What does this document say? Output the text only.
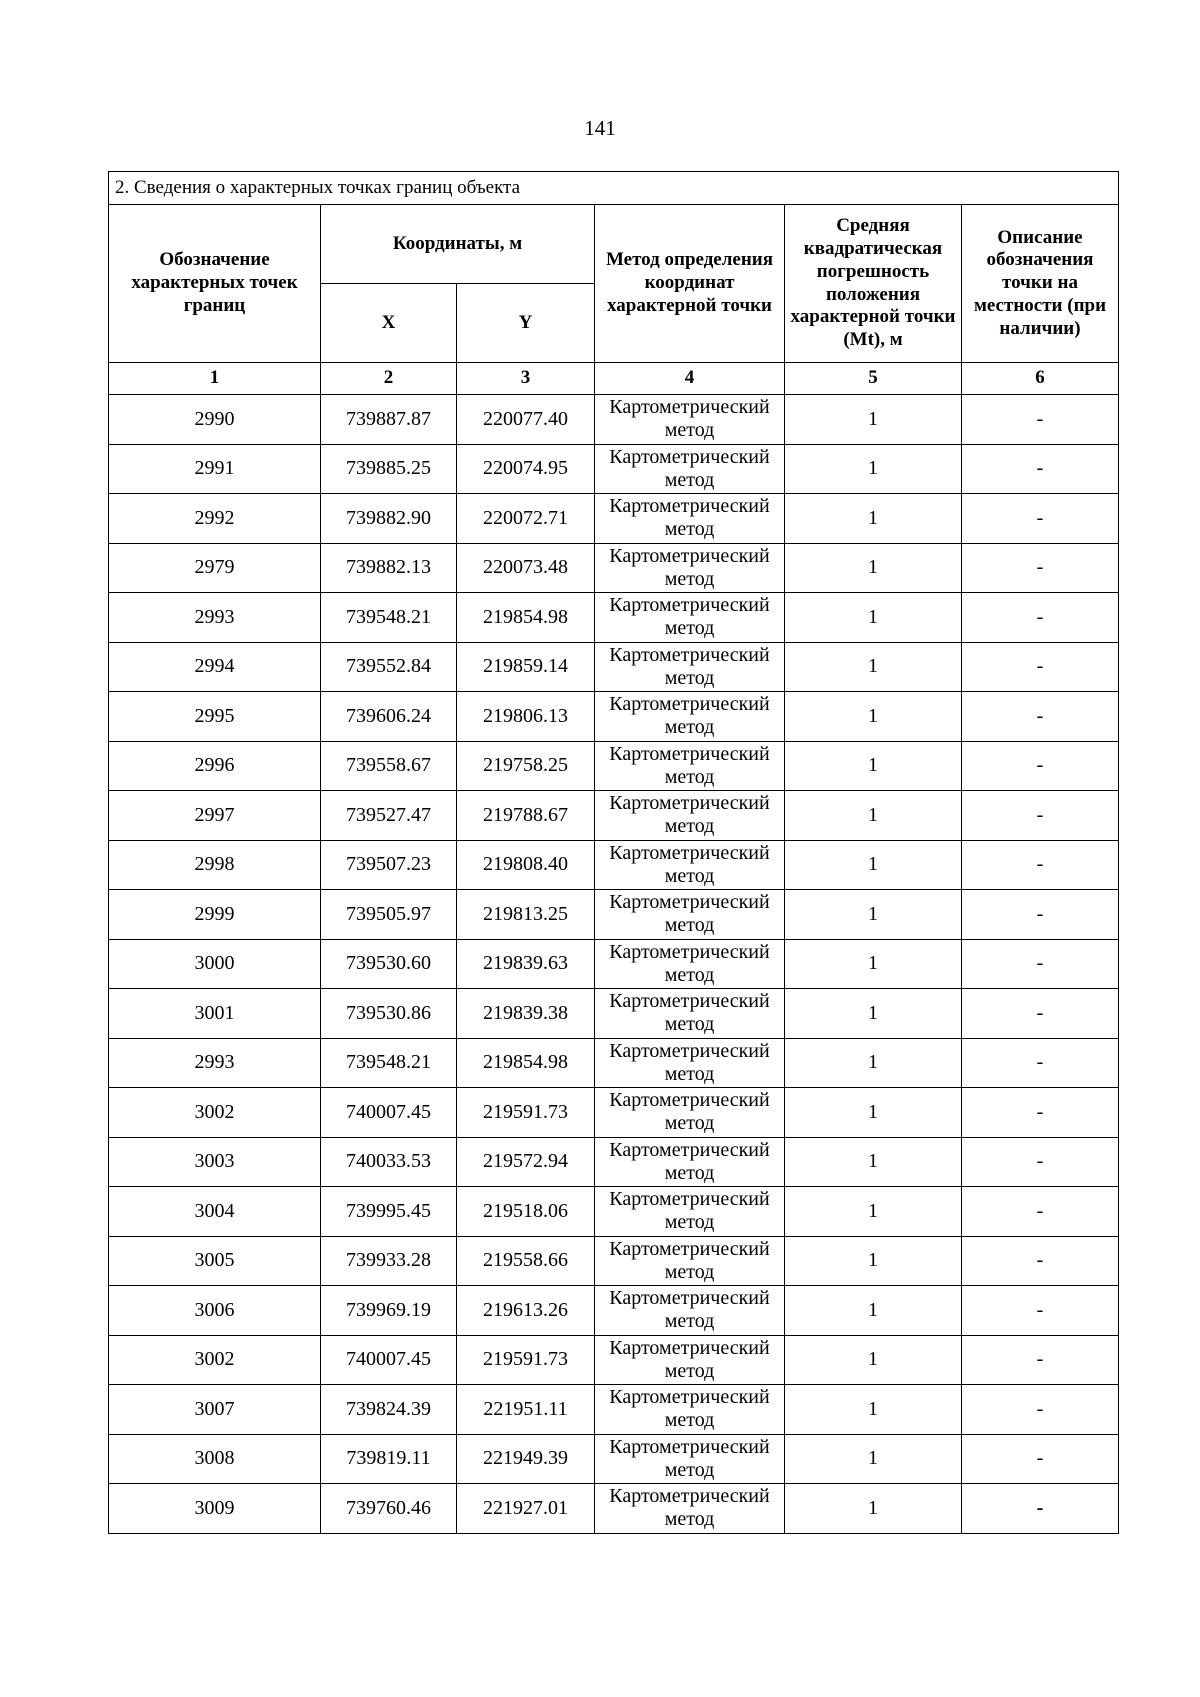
141
2. Сведения о характерных точках границ объекта					
Обозначение характерных точек границ	Координаты, м		Метод определения координат характерной точки	Средняя квадратическая погрешность положения характерной точки (Mt), м	Описание обозначения точки на местности (при наличии)
	X	Y			
1	2	3	4	5	6
2990	739887.87	220077.40	Картометрический метод	1	-
2991	739885.25	220074.95	Картометрический метод	1	-
2992	739882.90	220072.71	Картометрический метод	1	-
2979	739882.13	220073.48	Картометрический метод	1	-
2993	739548.21	219854.98	Картометрический метод	1	-
2994	739552.84	219859.14	Картометрический метод	1	-
2995	739606.24	219806.13	Картометрический метод	1	-
2996	739558.67	219758.25	Картометрический метод	1	-
2997	739527.47	219788.67	Картометрический метод	1	-
2998	739507.23	219808.40	Картометрический метод	1	-
2999	739505.97	219813.25	Картометрический метод	1	-
3000	739530.60	219839.63	Картометрический метод	1	-
3001	739530.86	219839.38	Картометрический метод	1	-
2993	739548.21	219854.98	Картометрический метод	1	-
3002	740007.45	219591.73	Картометрический метод	1	-
3003	740033.53	219572.94	Картометрический метод	1	-
3004	739995.45	219518.06	Картометрический метод	1	-
3005	739933.28	219558.66	Картометрический метод	1	-
3006	739969.19	219613.26	Картометрический метод	1	-
3002	740007.45	219591.73	Картометрический метод	1	-
3007	739824.39	221951.11	Картометрический метод	1	-
3008	739819.11	221949.39	Картометрический метод	1	-
3009	739760.46	221927.01	Картометрический метод	1	-
